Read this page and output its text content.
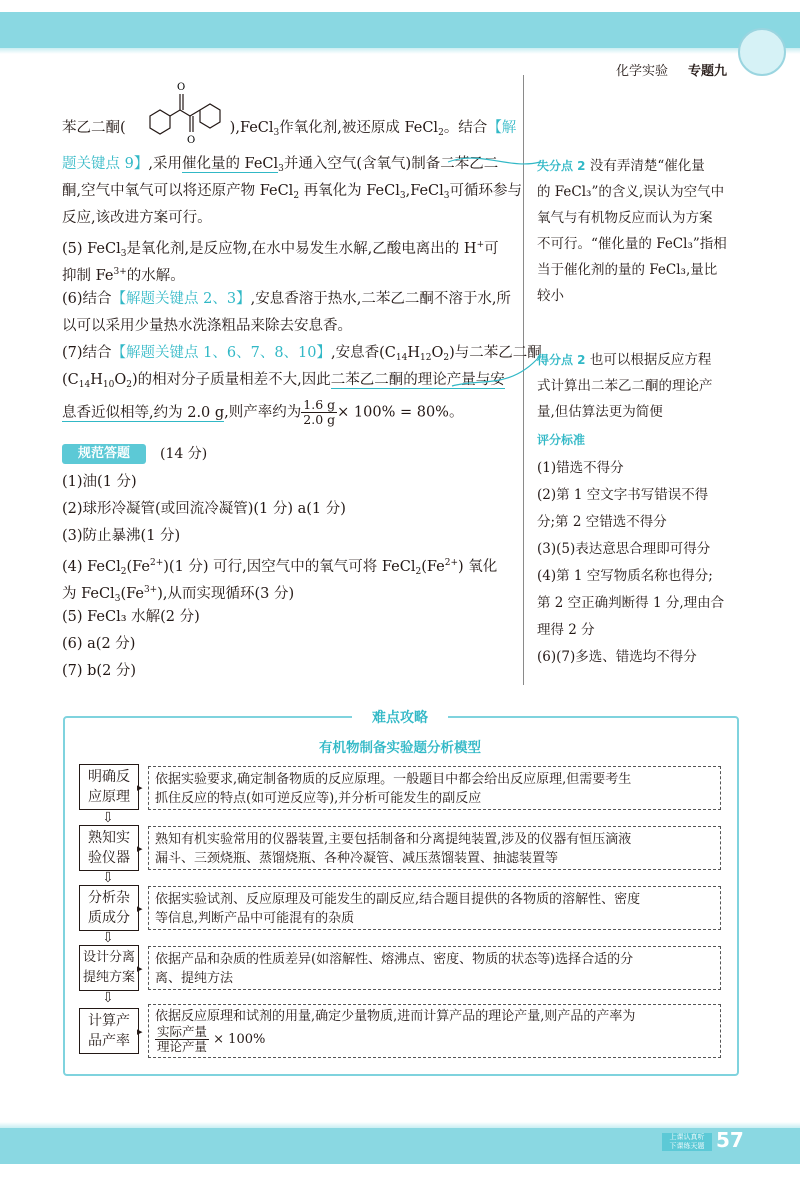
化学实验 专题九
O
O
苯乙二酮(	),FeCl$_3$作氧化剂,被还原成 FeCl$_2$。结合【解
题关键点 9】,采用催化量的 FeCl$_3$并通入空气(含氧气)制备二苯乙二
酮,空气中氧气可以将还原产物 FeCl$_2$ 再氧化为 FeCl$_3$,FeCl$_3$可循环参与
反应,该改进方案可行。
(5) FeCl$_3$是氧化剂,是反应物,在水中易发生水解,乙酸电离出的 H+可
抑制 $Fe^{3+}$的水解。
(6)结合【解题关键点 2、3】,安息香溶于热水,二苯乙二酮不溶于水,所
以可以采用少量热水洗涤粗品来除去安息香。
(7)结合【解题关键点 1、6、7、8、10】,安息香$(C_{14}H_{12}O_2)$与二苯乙二酮
$(C_{14}H_{10}O_2)$的相对分子质量相差不大,因此二苯乙二酮的理论产量与安
息香近似相等,约为 2.0 g,则产率约为 $\frac{1.6 g}{2.0 g} \times 100\% = 80\%$。
规范答题	(14 分)
(1)油(1 分)
(2)球形冷凝管(或回流冷凝管)(1 分) a(1 分)
(3)防止暴沸(1 分)
(4) $FeCl_2(Fe^{2+})(1$ 分) 可行,因空气中的氧气可将 $FeCl_2(Fe^{2+})$ 氧化
为 $FeCl_3(Fe^{3+})$,从而实现循环(3 分)
(5) FeCl₃ 水解(2 分)
(6) a(2 分)
(7) b(2 分)
失分点 2 没有弄清楚“催化量
的 FeCl₃”的含义,误认为空气中
氧气与有机物反应而认为方案
不可行。“催化量的 FeCl₃”指相
当于催化剂的量的 FeCl₃,量比
较小
得分点 2 也可以根据反应方程
式计算出二苯乙二酮的理论产
量,但估算法更为简便
评分标准
(1)错选不得分
(2)第 1 空文字书写错误不得
分;第 2 空错选不得分
(3)(5)表达意思合理即可得分
(4)第 1 空写物质名称也得分;
第 2 空正确判断得 1 分,理由合
理得 2 分
(6)(7)多选、错选均不得分
难点攻略
有机物制备实验题分析模型
明确反
应原理
▸
依据实验要求,确定制备物质的反应原理。一般题目中都会给出反应原理,但需要考生
抓住反应的特点(如可逆反应等),并分析可能发生的副反应
⇩
熟知实
验仪器
▸
熟知有机实验常用的仪器装置,主要包括制备和分离提纯装置,涉及的仪器有恒压滴液
漏斗、三颈烧瓶、蒸馏烧瓶、各种冷凝管、减压蒸馏装置、抽滤装置等
⇩
分析杂
质成分
▸
依据实验试剂、反应原理及可能发生的副反应,结合题目提供的各物质的溶解性、密度
等信息,判断产品中可能混有的杂质
⇩
设计分离
提纯方案
▸
依据产品和杂质的性质差异(如溶解性、熔沸点、密度、物质的状态等)选择合适的分
离、提纯方法
⇩
计算产
品产率
▸
依据反应原理和试剂的用量,确定少量物质,进而计算产品的理论产量,则产品的产率为

$\frac{\text{实际产量}}{\text{理论产量}} \times 100\%$
上课认真听
下课练天题 57
